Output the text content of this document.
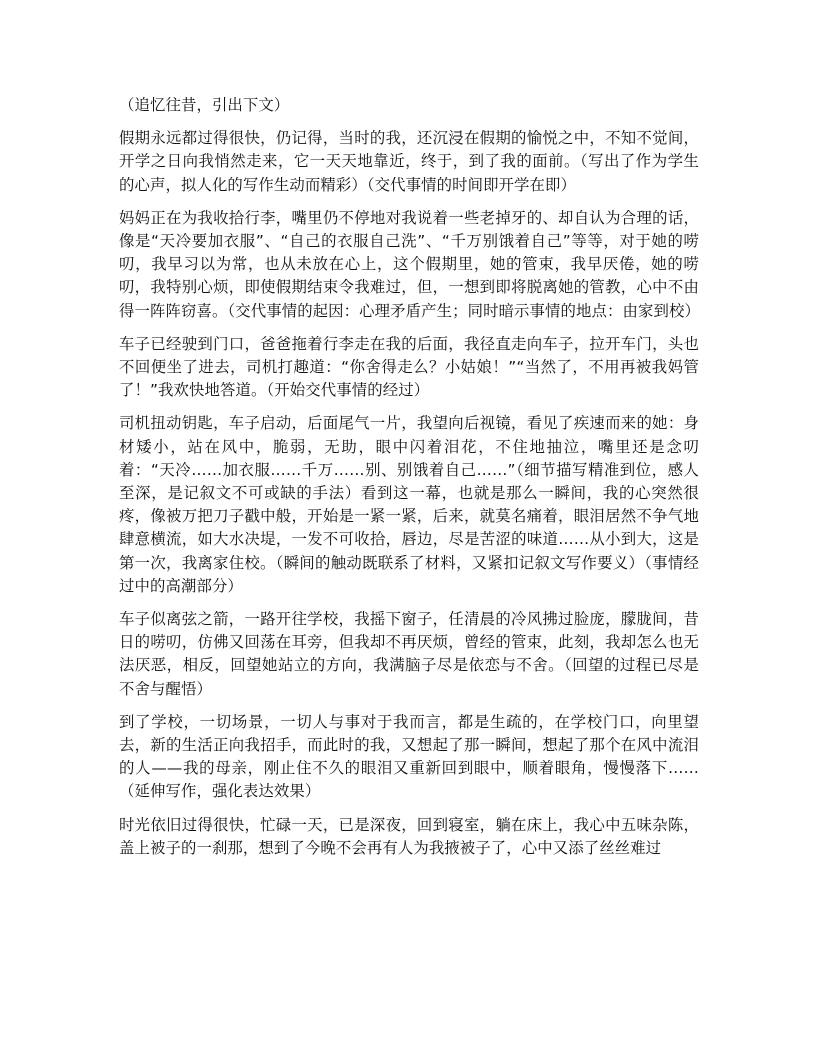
（追忆往昔，引出下文）

假期永远都过得很快，仍记得，当时的我，还沉浸在假期的愉悦之中，不知不觉间，开学之日向我悄然走来，它一天天地靠近，终于，到了我的面前。（写出了作为学生的心声，拟人化的写作生动而精彩）（交代事情的时间即开学在即）

妈妈正在为我收拾行李，嘴里仍不停地对我说着一些老掉牙的、却自认为合理的话，像是“天冷要加衣服”、“自己的衣服自己洗”、“千万别饿着自己”等等，对于她的唠叨，我早习以为常，也从未放在心上，这个假期里，她的管束，我早厌倦，她的唠叨，我特别心烦，即使假期结束令我难过，但，一想到即将脱离她的管教，心中不由得一阵阵窃喜。（交代事情的起因：心理矛盾产生；同时暗示事情的地点：由家到校）

车子已经驶到门口，爸爸拖着行李走在我的后面，我径直走向车子，拉开车门，头也不回便坐了进去，司机打趣道：“你舍得走么？小姑娘！”“当然了，不用再被我妈管了！”我欢快地答道。（开始交代事情的经过）

司机扭动钥匙，车子启动，后面尾气一片，我望向后视镜，看见了疾速而来的她：身材矮小，站在风中，脆弱，无助，眼中闪着泪花，不住地抽泣，嘴里还是念叨着：“天冷……加衣服……千万……别、别饿着自己……”（细节描写精准到位，感人至深，是记叙文不可或缺的手法）看到这一幕，也就是那么一瞬间，我的心突然很疼，像被万把刀子戳中般，开始是一紧一紧，后来，就莫名痛着，眼泪居然不争气地肆意横流，如大水决堤，一发不可收拾，唇边，尽是苦涩的味道……从小到大，这是第一次，我离家住校。（瞬间的触动既联系了材料，又紧扣记叙文写作要义）（事情经过中的高潮部分）

车子似离弦之箭，一路开往学校，我摇下窗子，任清晨的冷风拂过脸庞，朦胧间，昔日的唠叨，仿佛又回荡在耳旁，但我却不再厌烦，曾经的管束，此刻，我却怎么也无法厌恶，相反，回望她站立的方向，我满脑子尽是依恋与不舍。（回望的过程已尽是不舍与醒悟）

到了学校，一切场景，一切人与事对于我而言，都是生疏的，在学校门口，向里望去，新的生活正向我招手，而此时的我，又想起了那一瞬间，想起了那个在风中流泪的人——我的母亲，刚止住不久的眼泪又重新回到眼中，顺着眼角，慢慢落下……（延伸写作，强化表达效果）

时光依旧过得很快，忙碌一天，已是深夜，回到寝室，躺在床上，我心中五味杂陈，盖上被子的一刹那，想到了今晚不会再有人为我掖被子了，心中又添了丝丝难过
